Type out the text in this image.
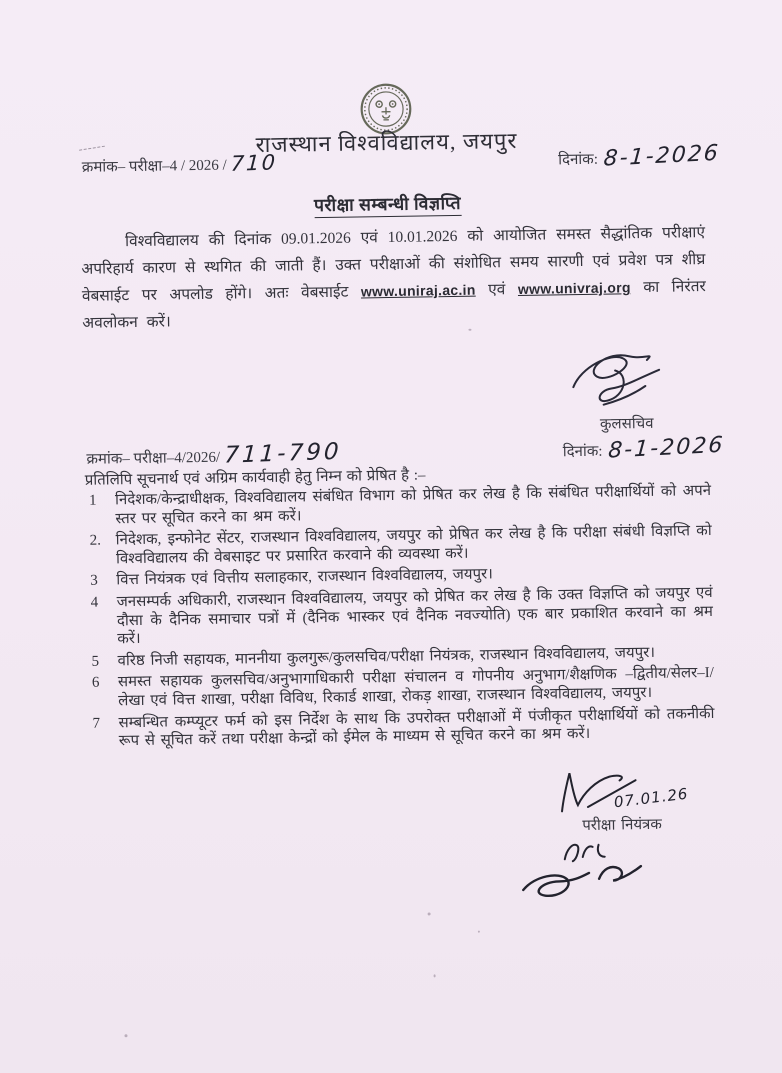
राजस्थान विश्वविद्यालय, जयपुर
क्रमांक– परीक्षा–4 / 2026 / 710	दिनांक: 8-1-2026
परीक्षा सम्बन्धी विज्ञप्ति
विश्वविद्यालय की दिनांक 09.01.2026 एवं 10.01.2026 को आयोजित समस्त सैद्धांतिक परीक्षाएं अपरिहार्य कारण से स्थगित की जाती हैं। उक्त परीक्षाओं की संशोधित समय सारणी एवं प्रवेश पत्र शीघ्र वेबसाईट पर अपलोड होंगे। अतः वेबसाईट www.uniraj.ac.in एवं www.univraj.org का निरंतर अवलोकन करें।
कुलसचिव
क्रमांक– परीक्षा–4/2026/ 711-790	दिनांक: 8-1-2026
प्रतिलिपि सूचनार्थ एवं अग्रिम कार्यवाही हेतु निम्न को प्रेषित है :–
1	निदेशक/केन्द्राधीक्षक, विश्वविद्यालय संबंधित विभाग को प्रेषित कर लेख है कि संबंधित परीक्षार्थियों को अपने स्तर पर सूचित करने का श्रम करें।
2. निदेशक, इन्फोनेट सेंटर, राजस्थान विश्वविद्यालय, जयपुर को प्रेषित कर लेख है कि परीक्षा संबंधी विज्ञप्ति को विश्वविद्यालय की वेबसाइट पर प्रसारित करवाने की व्यवस्था करें।
3	वित्त नियंत्रक एवं वित्तीय सलाहकार, राजस्थान विश्वविद्यालय, जयपुर।
4	जनसम्पर्क अधिकारी, राजस्थान विश्वविद्यालय, जयपुर को प्रेषित कर लेख है कि उक्त विज्ञप्ति को जयपुर एवं दौसा के दैनिक समाचार पत्रों में (दैनिक भास्कर एवं दैनिक नवज्योति) एक बार प्रकाशित करवाने का श्रम करें।
5	वरिष्ठ निजी सहायक, माननीया कुलगुरू/कुलसचिव/परीक्षा नियंत्रक, राजस्थान विश्वविद्यालय, जयपुर।
6	समस्त सहायक कुलसचिव/अनुभागाधिकारी परीक्षा संचालन व गोपनीय अनुभाग/शैक्षणिक –द्वितीय/सेलर–I/लेखा एवं वित्त शाखा, परीक्षा विविध, रिकार्ड शाखा, रोकड़ शाखा, राजस्थान विश्वविद्यालय, जयपुर।
7	सम्बन्धित कम्प्यूटर फर्म को इस निर्देश के साथ कि उपरोक्त परीक्षाओं में पंजीकृत परीक्षार्थियों को तकनीकी रूप से सूचित करें तथा परीक्षा केन्द्रों को ईमेल के माध्यम से सूचित करने का श्रम करें।
07.01.26
परीक्षा नियंत्रक
